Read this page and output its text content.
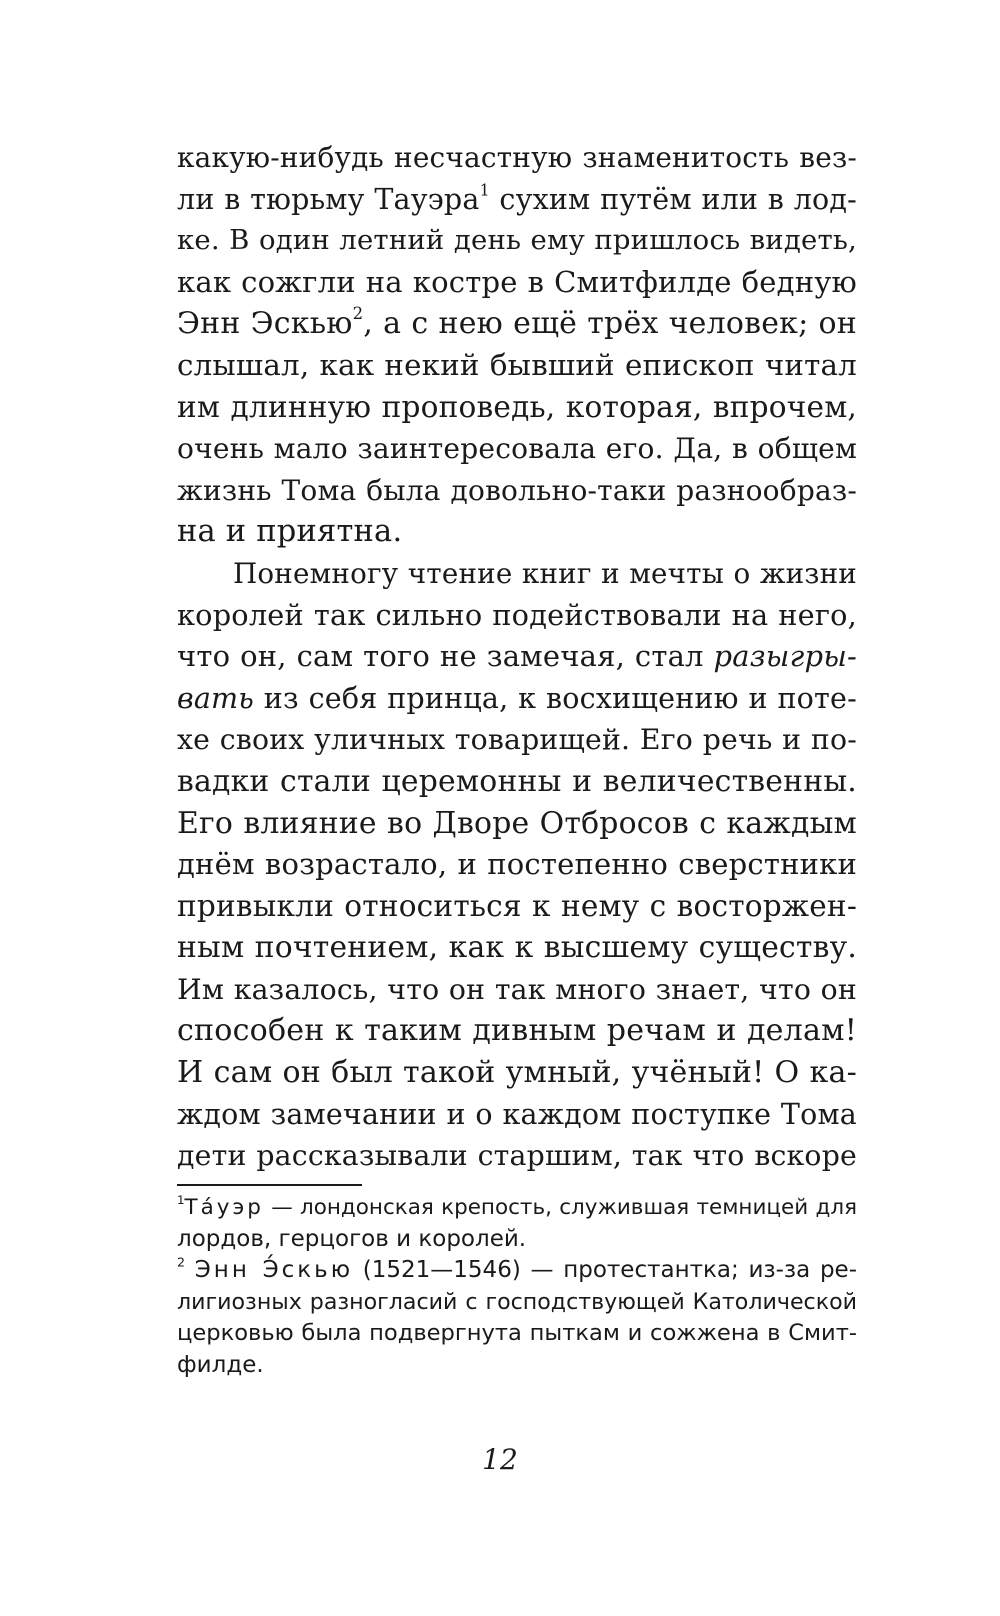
какую-нибудь несчастную знаменитость вез-
ли в тюрьму Тауэра$^1$ сухим путём или в лод-
ке. В один летний день ему пришлось видеть,
как сожгли на костре в Смитфилде бедную
Энн Эскью$^2$, а с нею ещё трёх человек; он
слышал, как некий бывший епископ читал
им длинную проповедь, которая, впрочем,
очень мало заинтересовала его. Да, в общем
жизнь Тома была довольно-таки разнообраз-
на и приятна.
Понемногу чтение книг и мечты о жизни
королей так сильно подействовали на него,
что он, сам того не замечая, стал разыгры-
вать из себя принца, к восхищению и поте-
хе своих уличных товарищей. Его речь и по-
вадки стали церемонны и величественны.
Его влияние во Дворе Отбросов с каждым
днём возрастало, и постепенно сверстники
привыкли относиться к нему с восторжен-
ным почтением, как к высшему существу.
Им казалось, что он так много знает, что он
способен к таким дивным речам и делам!
И сам он был такой умный, учёный! О ка-
ждом замечании и о каждом поступке Тома
дети рассказывали старшим, так что вскоре
$^1$Та́уэр — лондонская крепость, служившая темницей для
лордов, герцогов и королей.
$^2$ Энн Э́скью (1521—1546) — протестантка; из-за ре-
лигиозных разногласий с господствующей Католической
церковью была подвергнута пыткам и сожжена в Смит-
филде.
12
